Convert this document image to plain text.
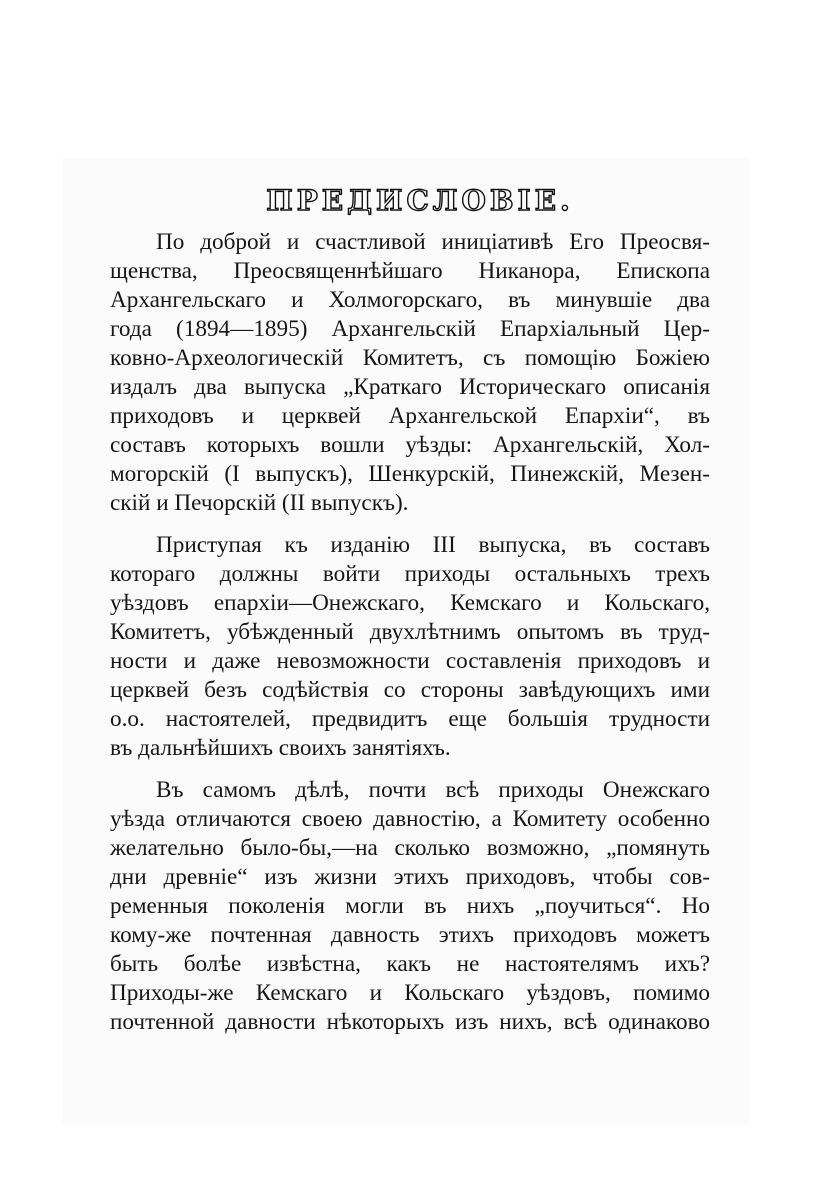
ПРЕДИСЛОВІЕ.

По доброй и счастливой иниціативѣ Его Преосвя-
щенства, Преосвященнѣйшаго Никанора, Епископа
Архангельскаго и Холмогорскаго, въ минувшіе два
года (1894—1895) Архангельскій Епархіальный Цер-
ковно-Археологическій Комитетъ, съ помощію Божіею
издалъ два выпуска „Краткаго Историческаго описанія
приходовъ и церквей Архангельской Епархіи“, въ
составъ которыхъ вошли уѣзды: Архангельскій, Хол-
могорскій (I выпускъ), Шенкурскій, Пинежскій, Мезен-
скій и Печорскій (II выпускъ).

Приступая къ изданію III выпуска, въ составъ
котораго должны войти приходы остальныхъ трехъ
уѣздовъ епархіи—Онежскаго, Кемскаго и Кольскаго,
Комитетъ, убѣжденный двухлѣтнимъ опытомъ въ труд-
ности и даже невозможности составленія приходовъ и
церквей безъ содѣйствія со стороны завѣдующихъ ими
о.о. настоятелей, предвидитъ еще большія трудности
въ дальнѣйшихъ своихъ занятіяхъ.

Въ самомъ дѣлѣ, почти всѣ приходы Онежскаго
уѣзда отличаются своею давностію, а Комитету особенно
желательно было-бы,—на сколько возможно, „помянуть
дни древніе“ изъ жизни этихъ приходовъ, чтобы сов-
ременныя поколенія могли въ нихъ „поучиться“. Но
кому-же почтенная давность этихъ приходовъ можетъ
быть болѣе извѣстна, какъ не настоятелямъ ихъ?
Приходы-же Кемскаго и Кольскаго уѣздовъ, помимо
почтенной давности нѣкоторыхъ изъ нихъ, всѣ одинаково
